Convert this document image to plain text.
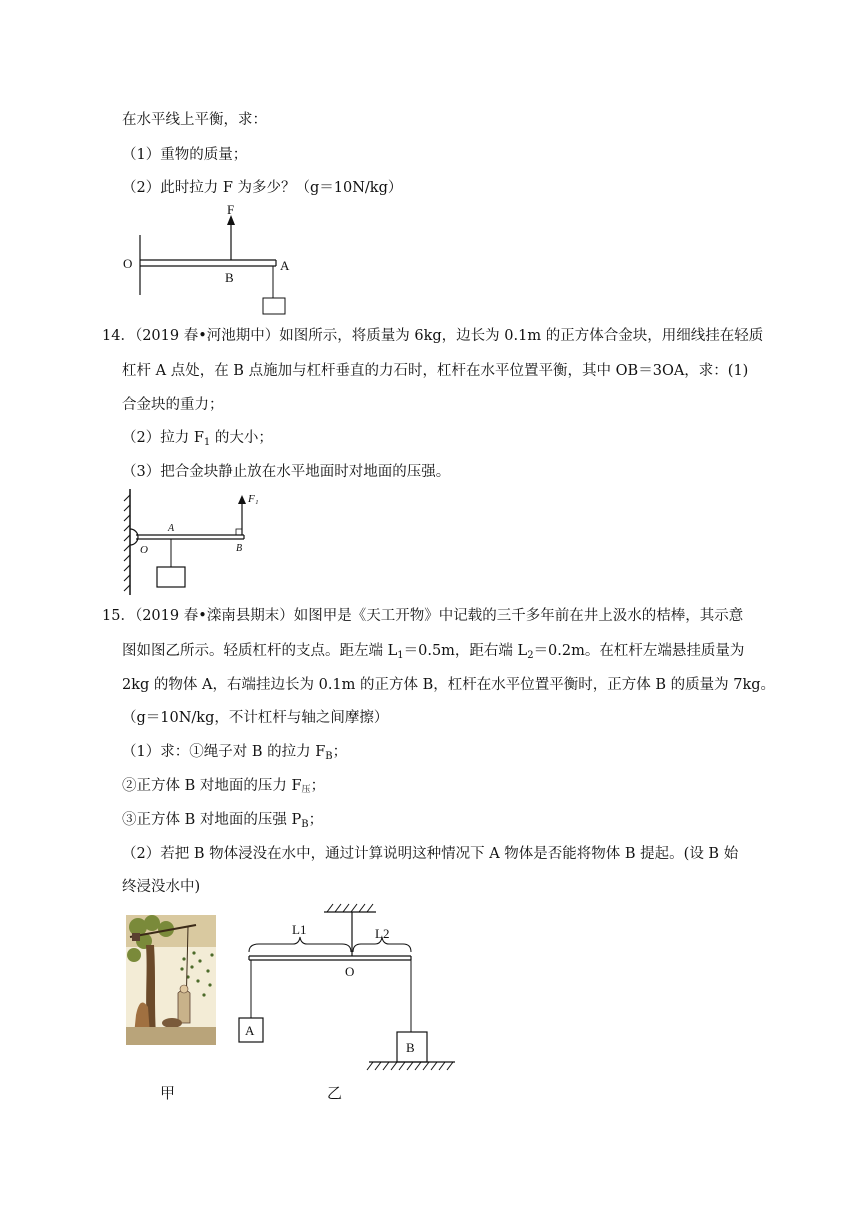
在水平线上平衡，求：
（1）重物的质量；
（2）此时拉力 F 为多少？（g＝10N/kg）
F
O
B
A
14．（2019 春•河池期中）如图所示，将质量为 6kg，边长为 0.1m 的正方体合金块，用细线挂在轻质
杠杆 A 点处，在 B 点施加与杠杆垂直的力石时，杠杆在水平位置平衡，其中 OB＝3OA，求：(1)
合金块的重力；
（2）拉力 $F_1$ 的大小；
（3）把合金块静止放在水平地面时对地面的压强。
F₁
O
A
B
15．（2019 春•滦南县期末）如图甲是《天工开物》中记载的三千多年前在井上汲水的桔棒，其示意
图如图乙所示。轻质杠杆的支点。距左端 $L_1=0.5m$，距右端 $L_2=0.2m$。在杠杆左端悬挂质量为
2kg 的物体 A，右端挂边长为 0.1m 的正方体 B，杠杆在水平位置平衡时，正方体 B 的质量为 7kg。
（g＝10N/kg，不计杠杆与轴之间摩擦）
（1）求：①绳子对 B 的拉力 $F_B$；
②正方体 B 对地面的压力 $F_压$；
③正方体 B 对地面的压强 $P_B$；
（2）若把 B 物体浸没在水中，通过计算说明这种情况下 A 物体是否能将物体 B 提起。(设 B 始
终浸没水中)
甲
L1	L2
O
A
B
乙
